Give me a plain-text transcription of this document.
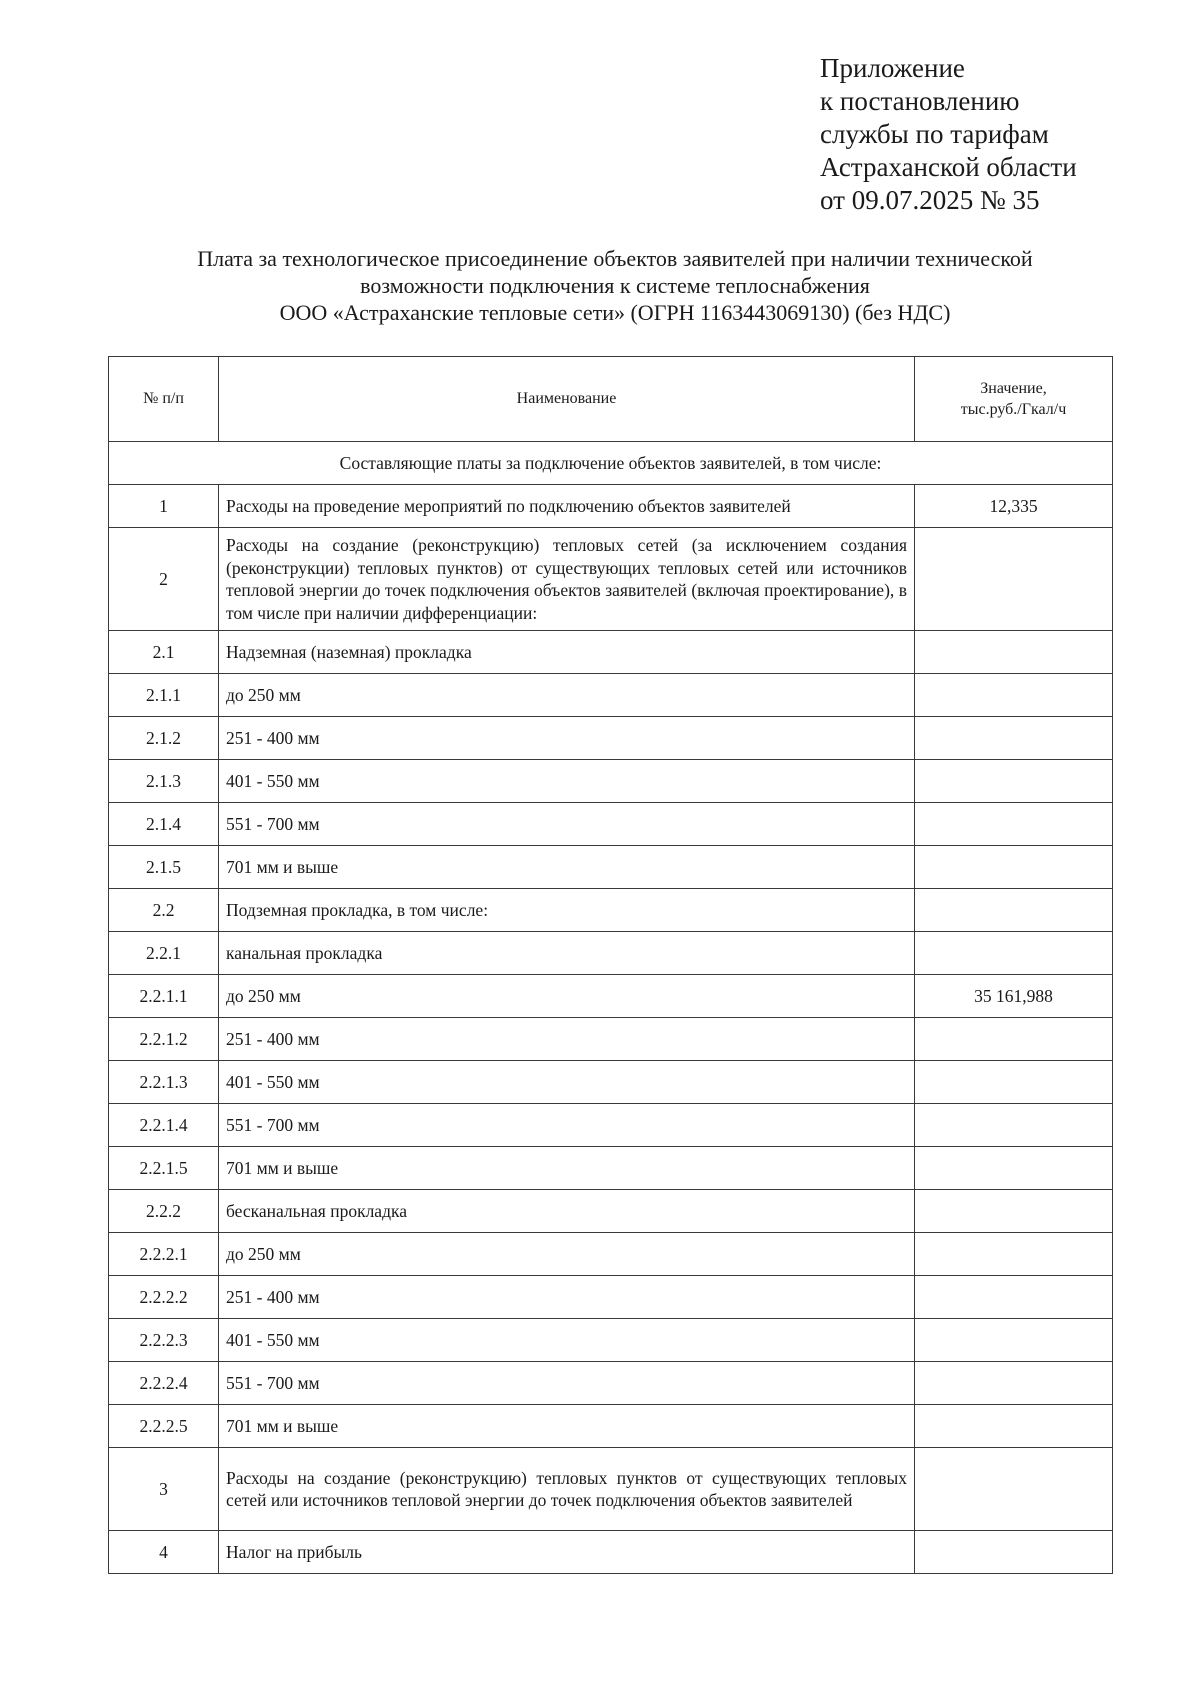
Приложение
к постановлению
службы по тарифам
Астраханской области
от 09.07.2025 № 35
Плата за технологическое присоединение объектов заявителей при наличии технической
возможности подключения к системе теплоснабжения
ООО «Астраханские тепловые сети» (ОГРН 1163443069130) (без НДС)
№ п/п	Наименование	Значение,
тыс.руб./Гкал/ч

Составляющие платы за подключение объектов заявителей, в том числе:		
1	Расходы на проведение мероприятий по подключению объектов заявителей	12,335
2	Расходы на создание (реконструкцию) тепловых сетей (за исключением создания (реконструкции) тепловых пунктов) от существующих тепловых сетей или источников тепловой энергии до точек подключения объектов заявителей (включая проектирование), в том числе при наличии дифференциации:	
2.1	Надземная (наземная) прокладка	
2.1.1	до 250 мм	
2.1.2	251 - 400 мм	
2.1.3	401 - 550 мм	
2.1.4	551 - 700 мм	
2.1.5	701 мм и выше	
2.2	Подземная прокладка, в том числе:	
2.2.1	канальная прокладка	
2.2.1.1	до 250 мм	35 161,988
2.2.1.2	251 - 400 мм	
2.2.1.3	401 - 550 мм	
2.2.1.4	551 - 700 мм	
2.2.1.5	701 мм и выше	
2.2.2	бесканальная прокладка	
2.2.2.1	до 250 мм	
2.2.2.2	251 - 400 мм	
2.2.2.3	401 - 550 мм	
2.2.2.4	551 - 700 мм	
2.2.2.5	701 мм и выше	
3	Расходы на создание (реконструкцию) тепловых пунктов от существующих тепловых сетей или источников тепловой энергии до точек подключения объектов заявителей	
4	Налог на прибыль	
